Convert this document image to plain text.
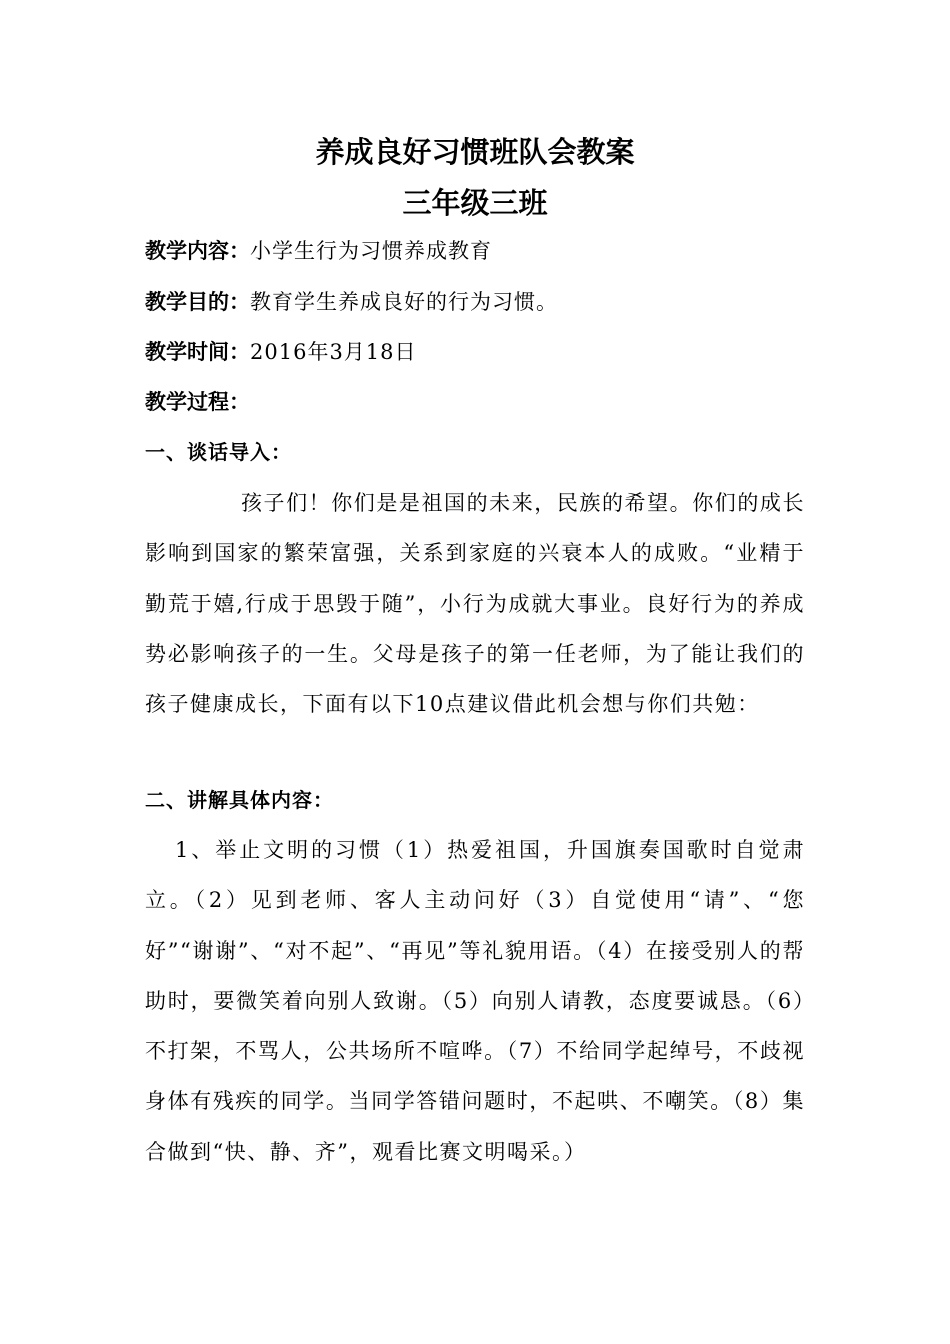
养成良好习惯班队会教案
三年级三班
教学内容：小学生行为习惯养成教育
教学目的：教育学生养成良好的行为习惯。
教学时间：2016年3月18日
教学过程：
一、谈话导入：
孩子们！你们是是祖国的未来，民族的希望。你们的成长影响到国家的繁荣富强，关系到家庭的兴衰本人的成败。“业精于勤荒于嬉,行成于思毁于随”，小行为成就大事业。良好行为的养成势必影响孩子的一生。父母是孩子的第一任老师，为了能让我们的孩子健康成长，下面有以下10点建议借此机会想与你们共勉：
二、讲解具体内容：
1、举止文明的习惯（1）热爱祖国，升国旗奏国歌时自觉肃立。（2）见到老师、客人主动问好（3）自觉使用“请”、“您好”“谢谢”、“对不起”、“再见”等礼貌用语。（4）在接受别人的帮助时，要微笑着向别人致谢。（5）向别人请教，态度要诚恳。（6）不打架，不骂人，公共场所不喧哗。（7）不给同学起绰号，不歧视身体有残疾的同学。当同学答错问题时，不起哄、不嘲笑。（8）集合做到“快、静、齐”，观看比赛文明喝采。）
